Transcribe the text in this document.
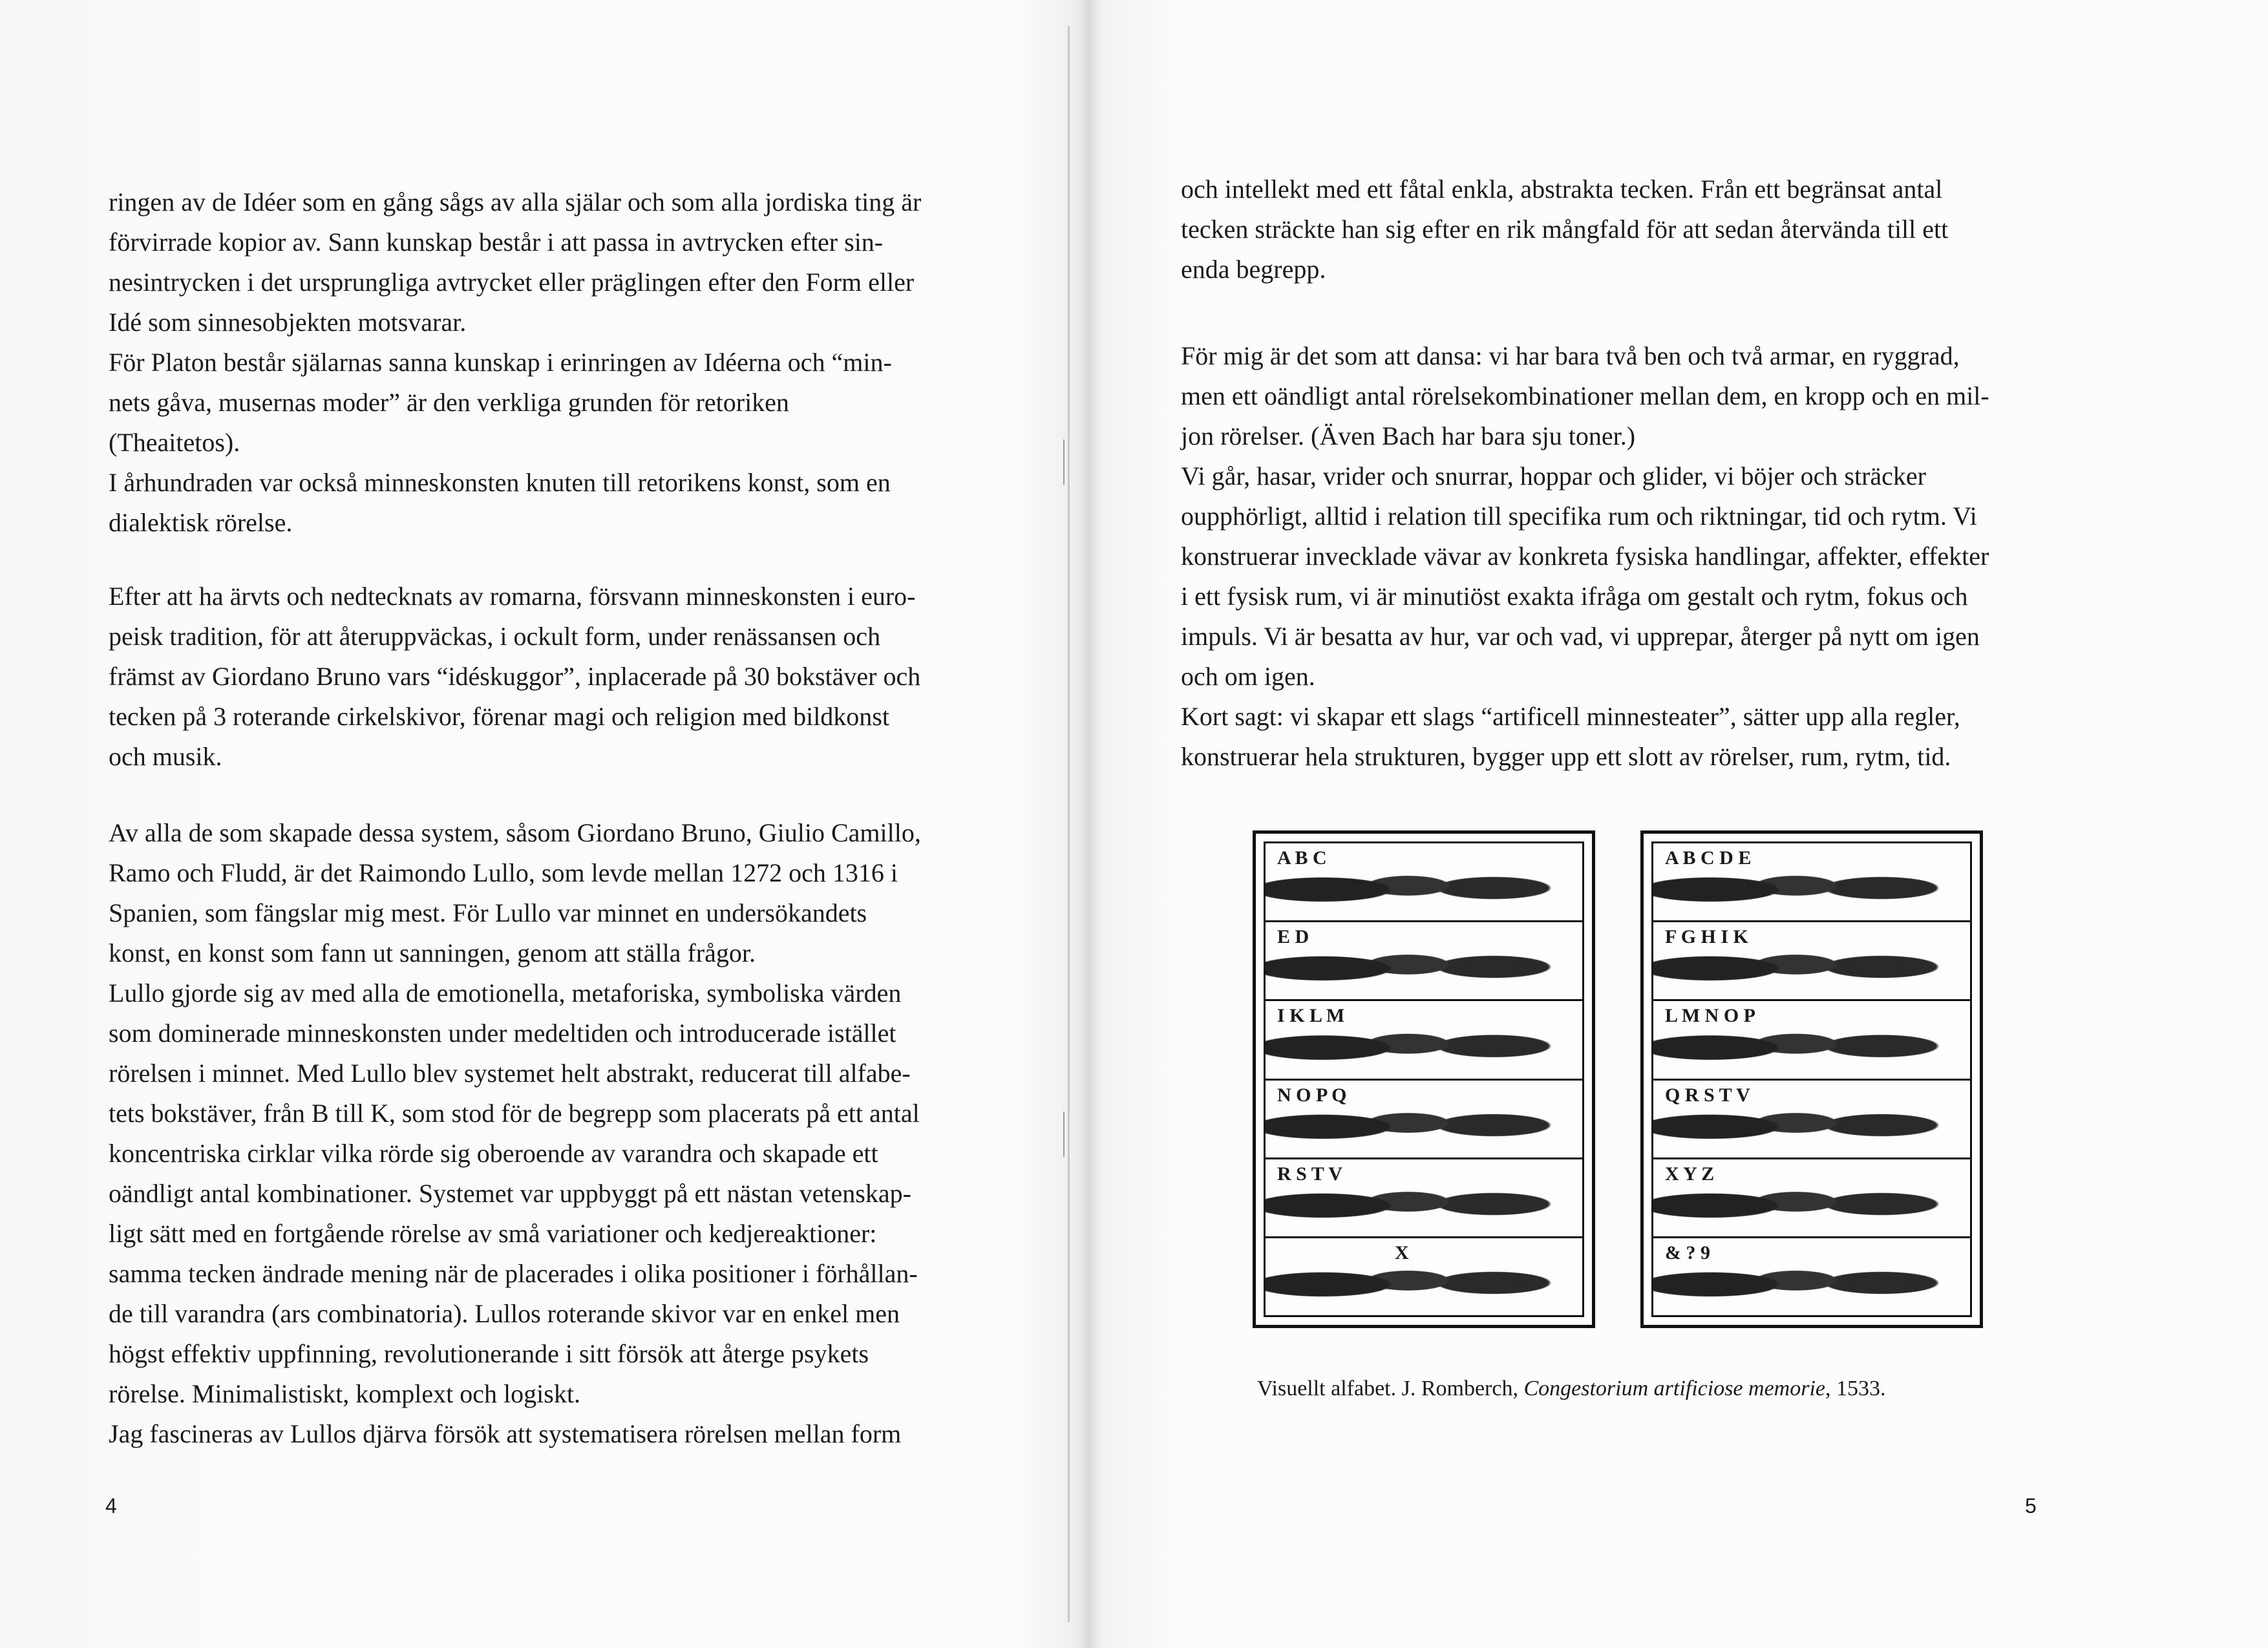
ringen av de Idéer som en gång sågs av alla själar och som alla jordiska ting är
förvirrade kopior av. Sann kunskap består i att passa in avtrycken efter sin-
nesintrycken i det ursprungliga avtrycket eller präglingen efter den Form eller
Idé som sinnesobjekten motsvarar.
För Platon består själarnas sanna kunskap i erinringen av Idéerna och “min-
nets gåva, musernas moder” är den verkliga grunden för retoriken
(Theaitetos).
I århundraden var också minneskonsten knuten till retorikens konst, som en
dialektisk rörelse.
Efter att ha ärvts och nedtecknats av romarna, försvann minneskonsten i euro-
peisk tradition, för att återuppväckas, i ockult form, under renässansen och
främst av Giordano Bruno vars “idéskuggor”, inplacerade på 30 bokstäver och
tecken på 3 roterande cirkelskivor, förenar magi och religion med bildkonst
och musik.
Av alla de som skapade dessa system, såsom Giordano Bruno, Giulio Camillo,
Ramo och Fludd, är det Raimondo Lullo, som levde mellan 1272 och 1316 i
Spanien, som fängslar mig mest. För Lullo var minnet en undersökandets
konst, en konst som fann ut sanningen, genom att ställa frågor.
Lullo gjorde sig av med alla de emotionella, metaforiska, symboliska värden
som dominerade minneskonsten under medeltiden och introducerade istället
rörelsen i minnet. Med Lullo blev systemet helt abstrakt, reducerat till alfabe-
tets bokstäver, från B till K, som stod för de begrepp som placerats på ett antal
koncentriska cirklar vilka rörde sig oberoende av varandra och skapade ett
oändligt antal kombinationer. Systemet var uppbyggt på ett nästan vetenskap-
ligt sätt med en fortgående rörelse av små variationer och kedjereaktioner:
samma tecken ändrade mening när de placerades i olika positioner i förhållan-
de till varandra (ars combinatoria). Lullos roterande skivor var en enkel men
högst effektiv uppfinning, revolutionerande i sitt försök att återge psykets
rörelse. Minimalistiskt, komplext och logiskt.
Jag fascineras av Lullos djärva försök att systematisera rörelsen mellan form
4
och intellekt med ett fåtal enkla, abstrakta tecken. Från ett begränsat antal
tecken sträckte han sig efter en rik mångfald för att sedan återvända till ett
enda begrepp.
För mig är det som att dansa: vi har bara två ben och två armar, en ryggrad,
men ett oändligt antal rörelsekombinationer mellan dem, en kropp och en mil-
jon rörelser. (Även Bach har bara sju toner.)
Vi går, hasar, vrider och snurrar, hoppar och glider, vi böjer och sträcker
oupphörligt, alltid i relation till specifika rum och riktningar, tid och rytm. Vi
konstruerar invecklade vävar av konkreta fysiska handlingar, affekter, effekter
i ett fysisk rum, vi är minutiöst exakta ifråga om gestalt och rytm, fokus och
impuls. Vi är besatta av hur, var och vad, vi upprepar, återger på nytt om igen
och om igen.
Kort sagt: vi skapar ett slags “artificell minnesteater”, sätter upp alla regler,
konstruerar hela strukturen, bygger upp ett slott av rörelser, rum, rytm, tid.
A B C
E D
I K L M
N O P Q
R S T V
X
A B C D E
F G H I K
L M N O P
Q R S T V
X Y Z
& ? 9
Visuellt alfabet. J. Romberch, Congestorium artificiose memorie, 1533.
5
